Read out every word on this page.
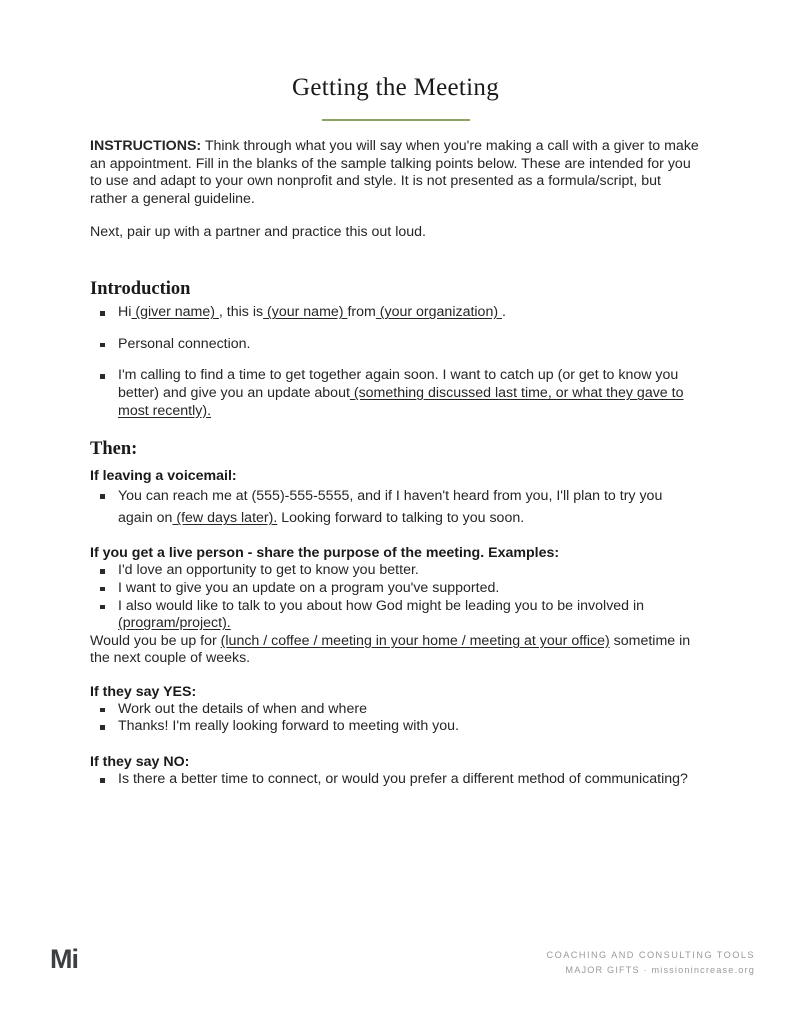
Getting the Meeting

INSTRUCTIONS: Think through what you will say when you're making a call with a giver to make an appointment. Fill in the blanks of the sample talking points below. These are intended for you to use and adapt to your own nonprofit and style. It is not presented as a formula/script, but rather a general guideline.

Next, pair up with a partner and practice this out loud.

Introduction
Hi (giver name) , this is (your name) from (your organization) .
Personal connection.
I'm calling to find a time to get together again soon. I want to catch up (or get to know you better) and give you an update about (something discussed last time, or what they gave to most recently).
Then:

If leaving a voicemail:

You can reach me at (555)-555-5555, and if I haven't heard from you, I'll plan to try you again on (few days later). Looking forward to talking to you soon.

If you get a live person - share the purpose of the meeting. Examples:

I'd love an opportunity to get to know you better.
I want to give you an update on a program you've supported.
I also would like to talk to you about how God might be leading you to be involved in (program/project).

Would you be up for (lunch / coffee / meeting in your home / meeting at your office) sometime in the next couple of weeks.

If they say YES:

Work out the details of when and where
Thanks! I'm really looking forward to meeting with you.

If they say NO:

Is there a better time to connect, or would you prefer a different method of communicating?
Mi	COACHING AND CONSULTING TOOLS
MAJOR GIFTS · missionincrease.org
